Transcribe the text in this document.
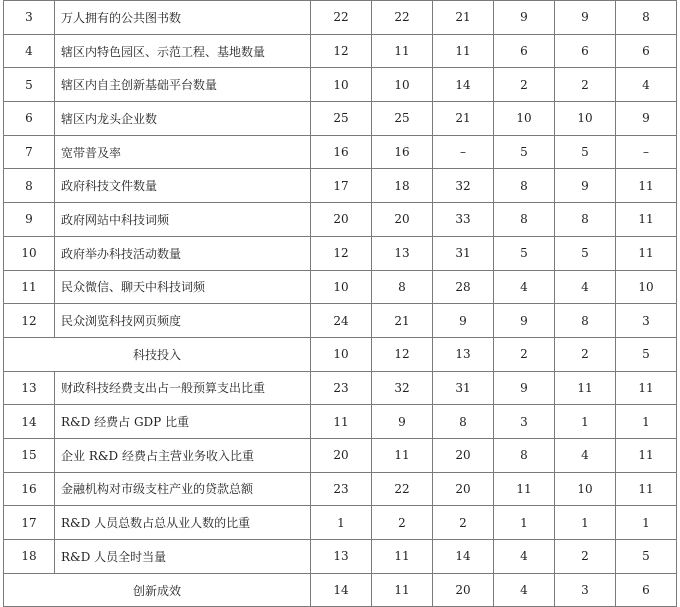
3	万人拥有的公共图书数	22	22	21	9	9	8
4	辖区内特色园区、示范工程、基地数量	12	11	11	6	6	6
5	辖区内自主创新基础平台数量	10	10	14	2	2	4
6	辖区内龙头企业数	25	25	21	10	10	9
7	宽带普及率	16	16	–	5	5	–
8	政府科技文件数量	17	18	32	8	9	11
9	政府网站中科技词频	20	20	33	8	8	11
10	政府举办科技活动数量	12	13	31	5	5	11
11	民众微信、聊天中科技词频	10	8	28	4	4	10
12	民众浏览科技网页频度	24	21	9	9	8	3
科技投入		10	12	13	2	2	5
13	财政科技经费支出占一般预算支出比重	23	32	31	9	11	11
14	R&D 经费占 GDP 比重	11	9	8	3	1	1
15	企业 R&D 经费占主营业务收入比重	20	11	20	8	4	11
16	金融机构对市级支柱产业的贷款总额	23	22	20	11	10	11
17	R&D 人员总数占总从业人数的比重	1	2	2	1	1	1
18	R&D 人员全时当量	13	11	14	4	2	5
创新成效		14	11	20	4	3	6
